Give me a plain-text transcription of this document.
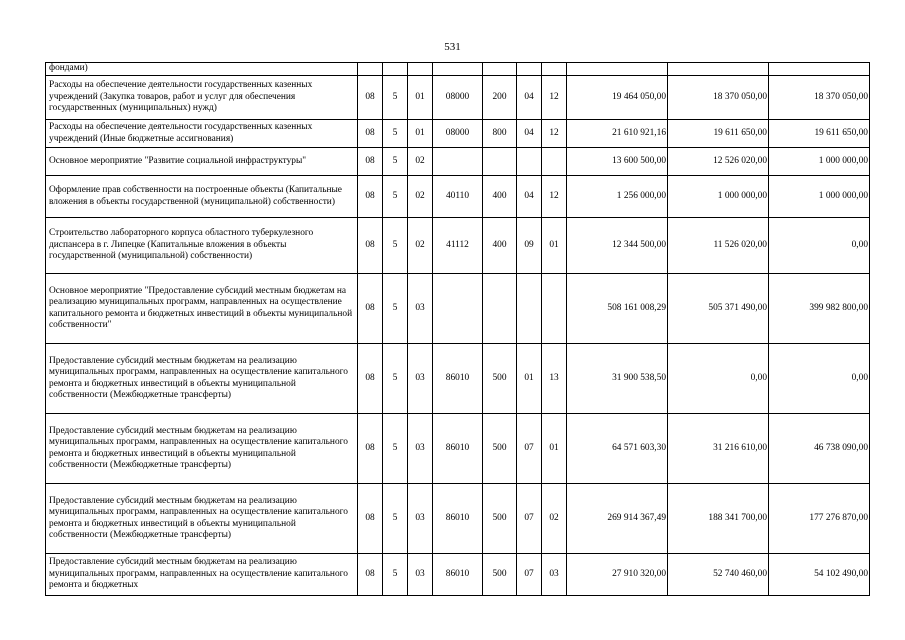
531
фондами)										
Расходы на обеспечение деятельности государственных казенных учреждений (Закупка товаров, работ и услуг для обеспечения государственных (муниципальных) нужд)	08	5	01	08000	200	04	12	19 464 050,00	18 370 050,00	18 370 050,00
Расходы на обеспечение деятельности государственных казенных учреждений (Иные бюджетные ассигнования)	08	5	01	08000	800	04	12	21 610 921,16	19 611 650,00	19 611 650,00
Основное мероприятие "Развитие социальной инфраструктуры"	08	5	02					13 600 500,00	12 526 020,00	1 000 000,00
Оформление прав собственности на построенные объекты (Капитальные вложения в объекты государственной (муниципальной) собственности)	08	5	02	40110	400	04	12	1 256 000,00	1 000 000,00	1 000 000,00
Строительство лабораторного корпуса областного туберкулезного диспансера в г. Липецке (Капитальные вложения в объекты государственной (муниципальной) собственности)	08	5	02	41112	400	09	01	12 344 500,00	11 526 020,00	0,00
Основное мероприятие "Предоставление субсидий местным бюджетам на реализацию муниципальных программ, направленных на осуществление капитального ремонта и бюджетных инвестиций в объекты муниципальной собственности"	08	5	03					508 161 008,29	505 371 490,00	399 982 800,00
Предоставление субсидий местным бюджетам на реализацию муниципальных программ, направленных на осуществление капитального ремонта и бюджетных инвестиций в объекты муниципальной собственности (Межбюджетные трансферты)	08	5	03	86010	500	01	13	31 900 538,50	0,00	0,00
Предоставление субсидий местным бюджетам на реализацию муниципальных программ, направленных на осуществление капитального ремонта и бюджетных инвестиций в объекты муниципальной собственности (Межбюджетные трансферты)	08	5	03	86010	500	07	01	64 571 603,30	31 216 610,00	46 738 090,00
Предоставление субсидий местным бюджетам на реализацию муниципальных программ, направленных на осуществление капитального ремонта и бюджетных инвестиций в объекты муниципальной собственности (Межбюджетные трансферты)	08	5	03	86010	500	07	02	269 914 367,49	188 341 700,00	177 276 870,00
Предоставление субсидий местным бюджетам на реализацию муниципальных программ, направленных на осуществление капитального ремонта и бюджетных	08	5	03	86010	500	07	03	27 910 320,00	52 740 460,00	54 102 490,00
